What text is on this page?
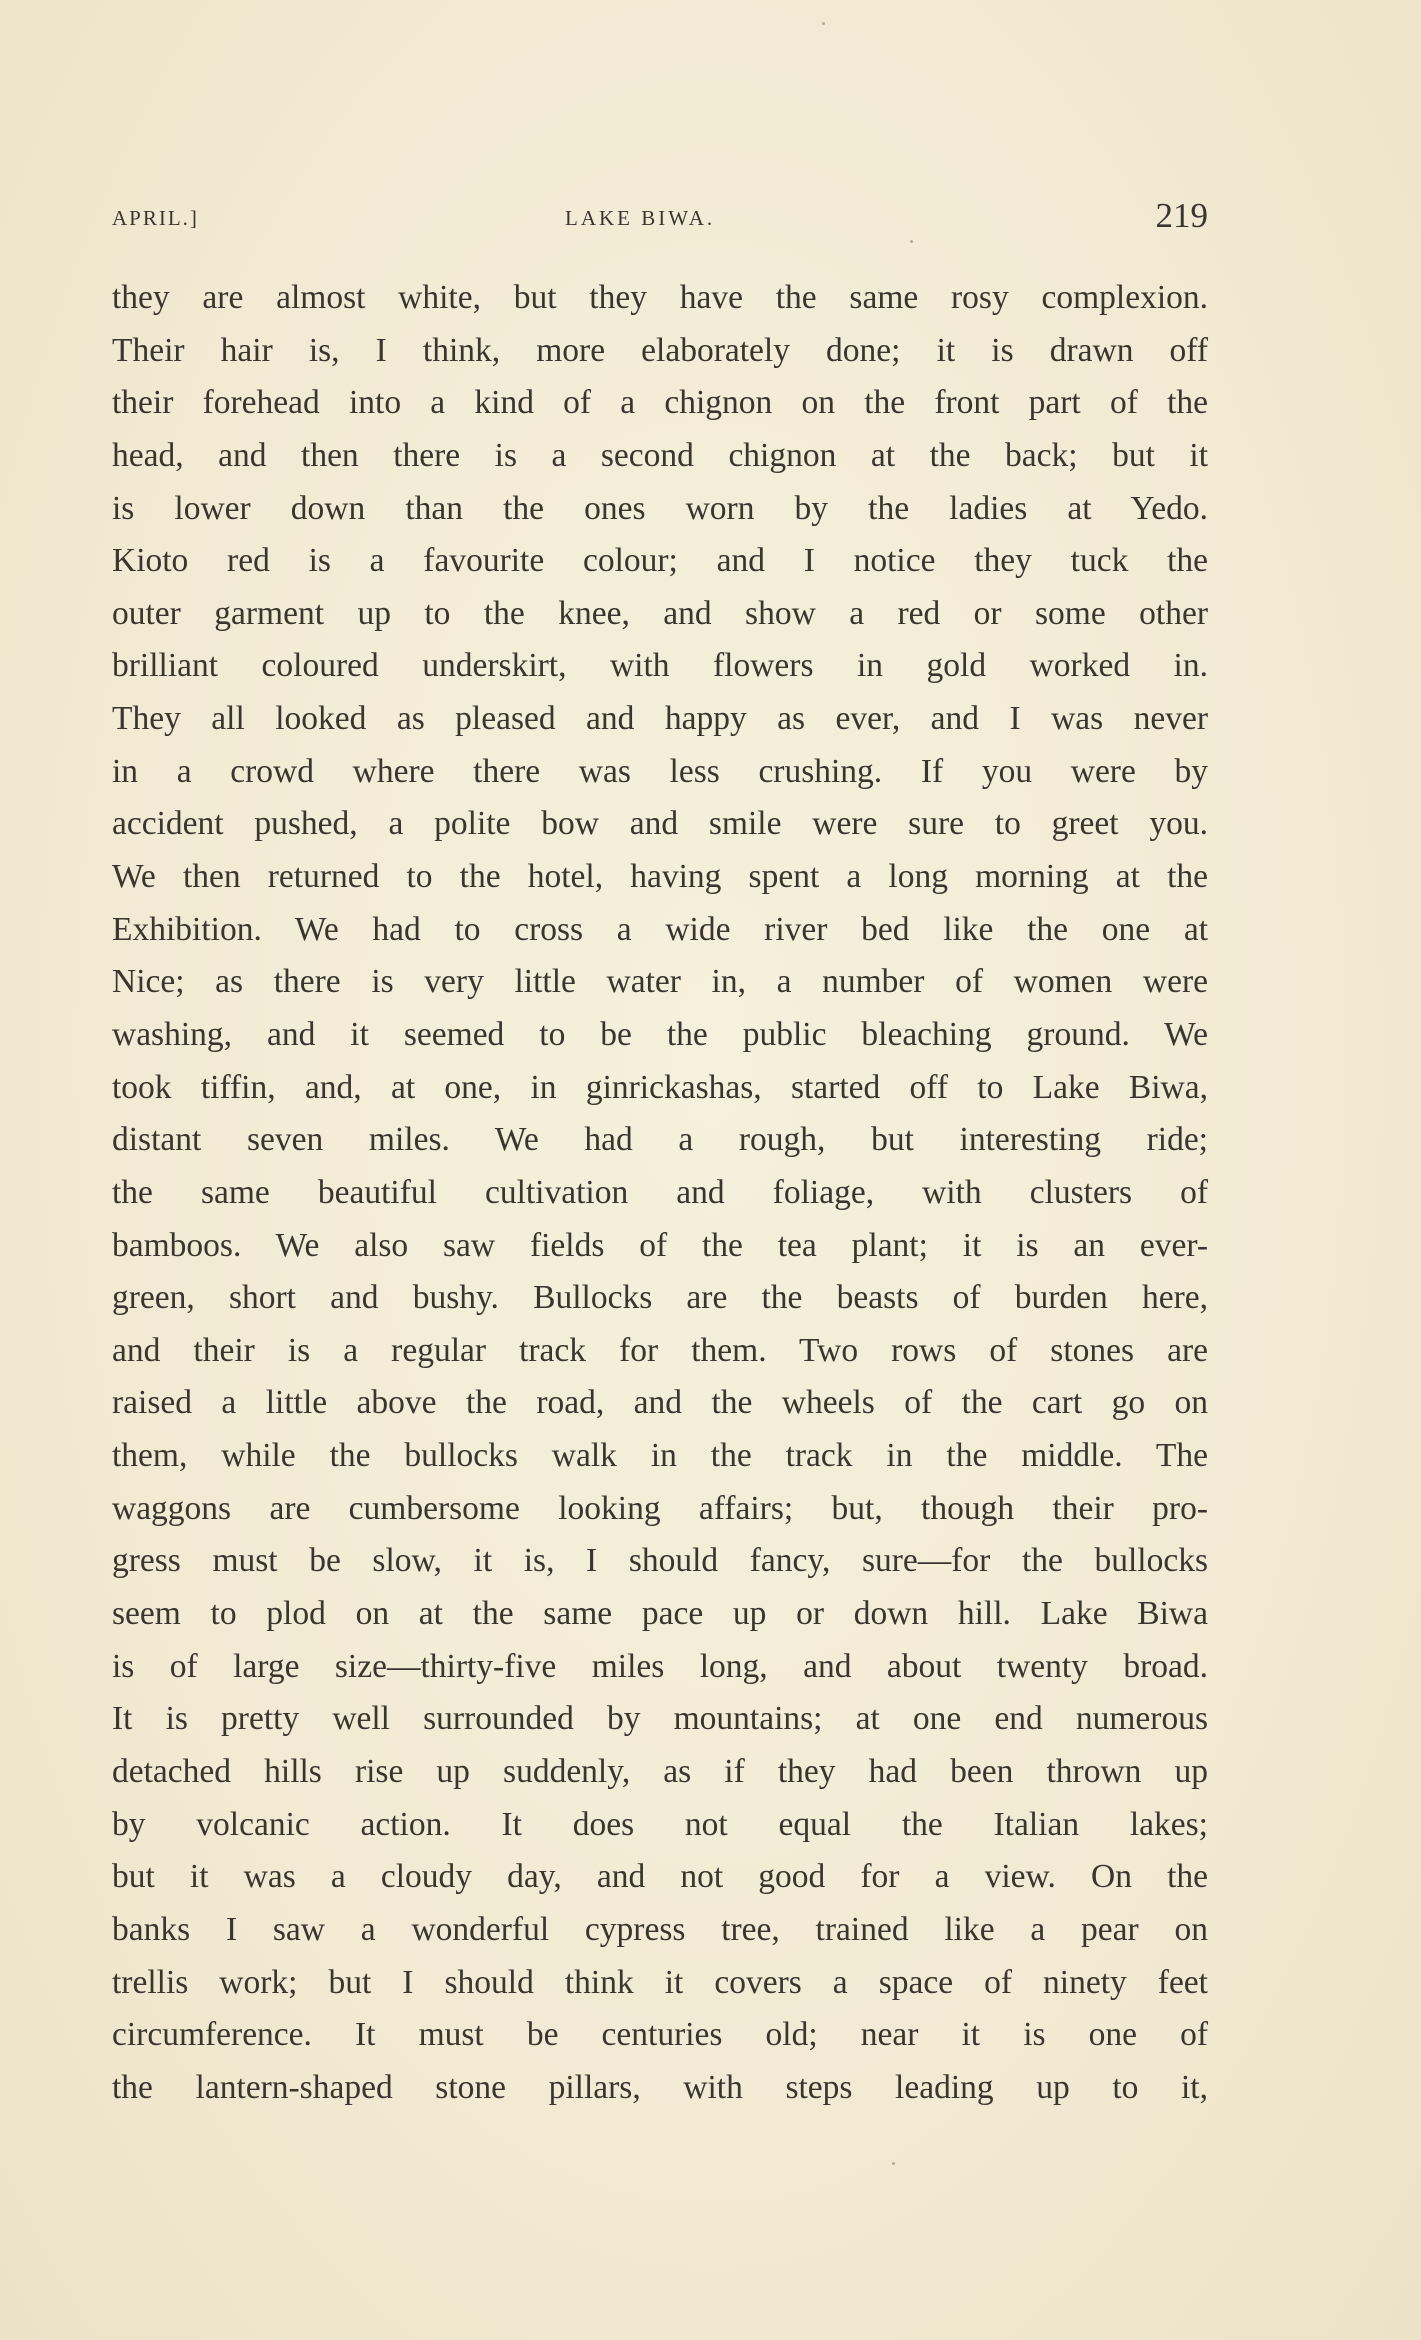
APRIL.]	LAKE BIWA.	219
they are almost white, but they have the same rosy complexion.
Their hair is, I think, more elaborately done; it is drawn off
their forehead into a kind of a chignon on the front part of the
head, and then there is a second chignon at the back; but it
is lower down than the ones worn by the ladies at Yedo.
Kioto red is a favourite colour; and I notice they tuck the
outer garment up to the knee, and show a red or some other
brilliant coloured underskirt, with flowers in gold worked in.
They all looked as pleased and happy as ever, and I was never
in a crowd where there was less crushing. If you were by
accident pushed, a polite bow and smile were sure to greet you.
We then returned to the hotel, having spent a long morning at the
Exhibition. We had to cross a wide river bed like the one at
Nice; as there is very little water in, a number of women were
washing, and it seemed to be the public bleaching ground. We
took tiffin, and, at one, in ginrickashas, started off to Lake Biwa,
distant seven miles. We had a rough, but interesting ride;
the same beautiful cultivation and foliage, with clusters of
bamboos. We also saw fields of the tea plant; it is an ever-
green, short and bushy. Bullocks are the beasts of burden here,
and their is a regular track for them. Two rows of stones are
raised a little above the road, and the wheels of the cart go on
them, while the bullocks walk in the track in the middle. The
waggons are cumbersome looking affairs; but, though their pro-
gress must be slow, it is, I should fancy, sure—for the bullocks
seem to plod on at the same pace up or down hill. Lake Biwa
is of large size—thirty-five miles long, and about twenty broad.
It is pretty well surrounded by mountains; at one end numerous
detached hills rise up suddenly, as if they had been thrown up
by volcanic action. It does not equal the Italian lakes;
but it was a cloudy day, and not good for a view. On the
banks I saw a wonderful cypress tree, trained like a pear on
trellis work; but I should think it covers a space of ninety feet
circumference. It must be centuries old; near it is one of
the lantern-shaped stone pillars, with steps leading up to it,
